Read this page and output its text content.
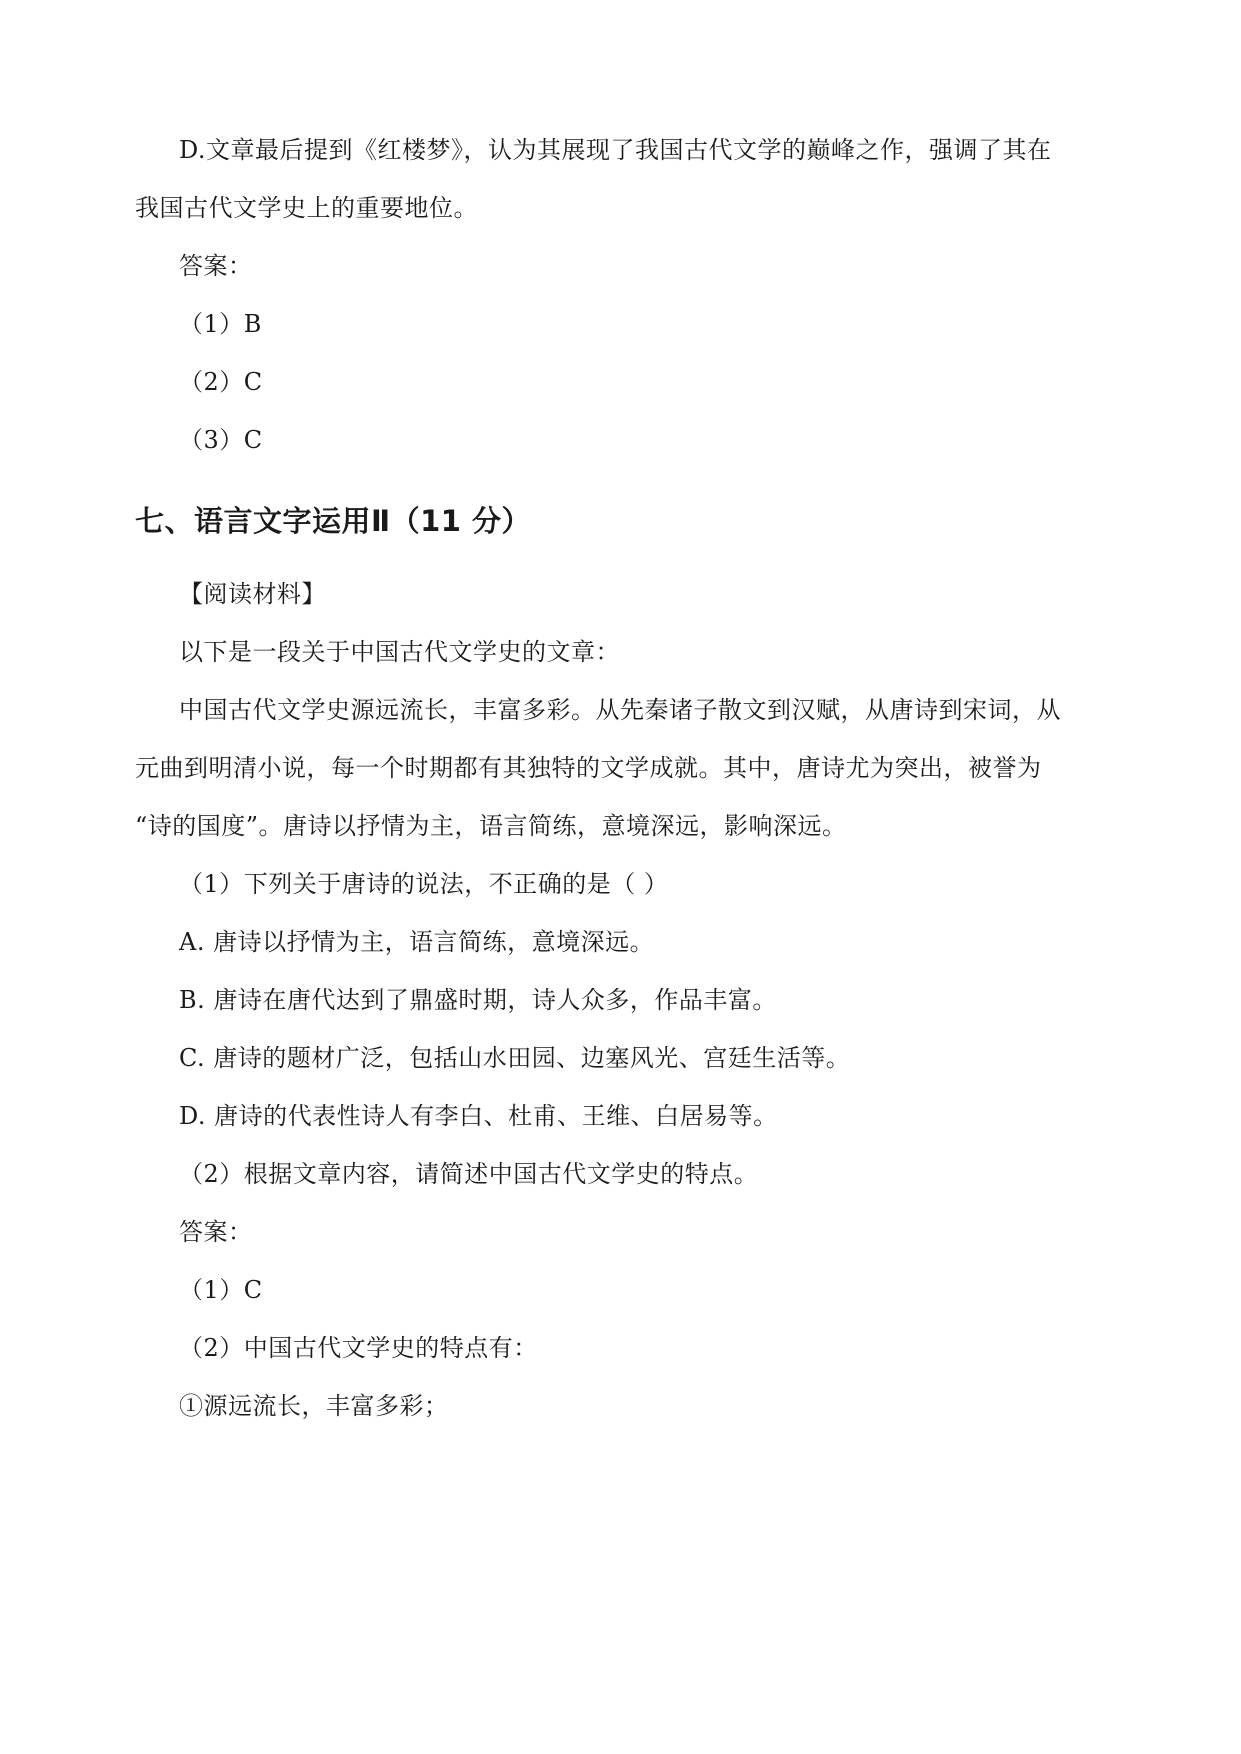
D.文章最后提到《红楼梦》，认为其展现了我国古代文学的巅峰之作，强调了其在
我国古代文学史上的重要地位。
答案：
（1）B
（2）C
（3）C
七、语言文字运用Ⅱ（11 分）
【阅读材料】
以下是一段关于中国古代文学史的文章：
中国古代文学史源远流长，丰富多彩。从先秦诸子散文到汉赋，从唐诗到宋词，从
元曲到明清小说，每一个时期都有其独特的文学成就。其中，唐诗尤为突出，被誉为
“诗的国度”。唐诗以抒情为主，语言简练，意境深远，影响深远。
（1）下列关于唐诗的说法，不正确的是（ ）
A. 唐诗以抒情为主，语言简练，意境深远。
B. 唐诗在唐代达到了鼎盛时期，诗人众多，作品丰富。
C. 唐诗的题材广泛，包括山水田园、边塞风光、宫廷生活等。
D. 唐诗的代表性诗人有李白、杜甫、王维、白居易等。
（2）根据文章内容，请简述中国古代文学史的特点。
答案：
（1）C
（2）中国古代文学史的特点有：
①源远流长，丰富多彩；
